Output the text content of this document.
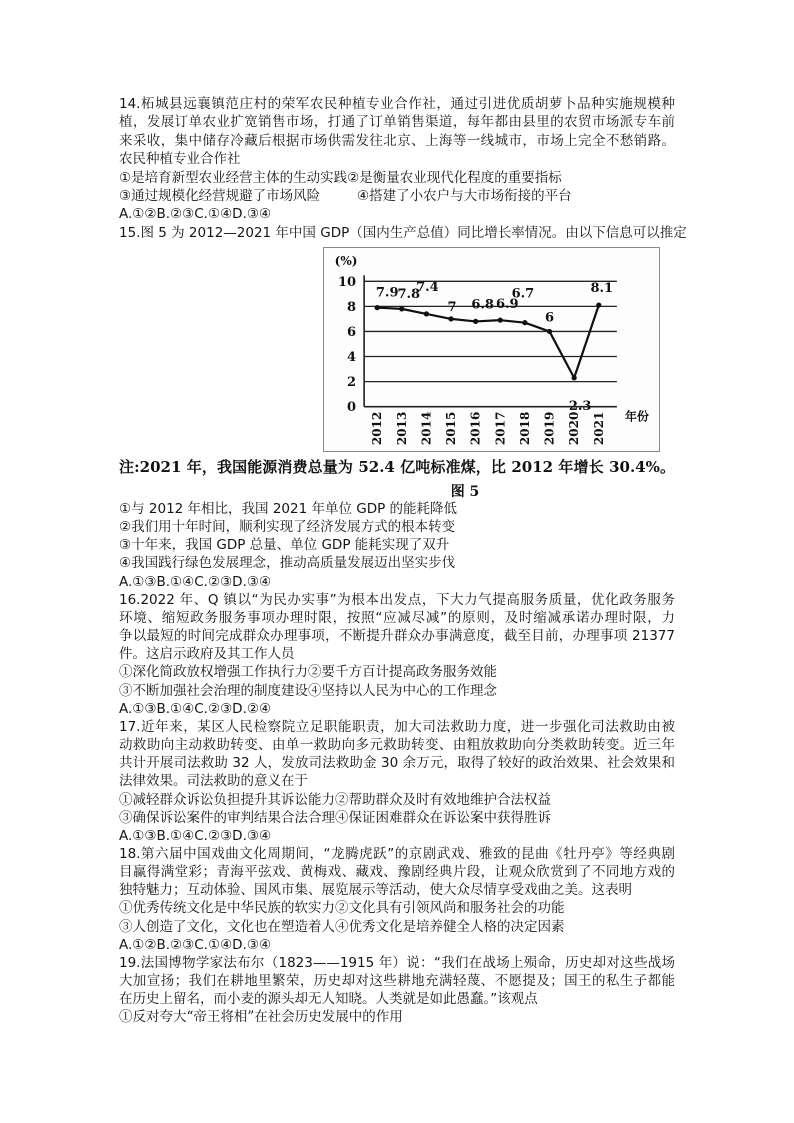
14.柘城县远襄镇范庄村的荣军农民种植专业合作社，通过引进优质胡萝卜品种实施规模种
植，发展订单农业扩宽销售市场，打通了订单销售渠道，每年都由县里的农贸市场派专车前
来采收，集中储存冷藏后根据市场供需发往北京、上海等一线城市，市场上完全不愁销路。
农民种植专业合作社
①是培育新型农业经营主体的生动实践②是衡量农业现代化程度的重要指标
③通过规模化经营规避了市场风险	④搭建了小农户与大市场衔接的平台
A.①②B.②③C.①④D.③④
15.图 5 为 2012—2021 年中国 GDP（国内生产总值）同比增长率情况。由以下信息可以推定
0
2
4
6
8
10
(%)
年份
7.9
7.8
7.4
7 6.8 6.9
6.7
6
2.3
8.1
2012 2013 2014 2015 2016 2017 2018 2019 2020 2021
注:2021 年，我国能源消费总量为 52.4 亿吨标准煤，比 2012 年增长 30.4%。
图 5
①与 2012 年相比，我国 2021 年单位 GDP 的能耗降低
②我们用十年时间，顺利实现了经济发展方式的根本转变
③十年来，我国 GDP 总量、单位 GDP 能耗实现了双升
④我国践行绿色发展理念，推动高质量发展迈出坚实步伐
A.①③B.①④C.②③D.③④
16.2022 年、Q 镇以“为民办实事”为根本出发点，下大力气提高服务质量，优化政务服务
环境、缩短政务服务事项办理时限，按照“应减尽减”的原则，及时缩减承诺办理时限，力
争以最短的时间完成群众办理事项，不断提升群众办事满意度，截至目前，办理事项 21377
件。这启示政府及其工作人员
①深化简政放权增强工作执行力②要千方百计提高政务服务效能
③不断加强社会治理的制度建设④坚持以人民为中心的工作理念
A.①③B.①④C.②③D.②④
17.近年来，某区人民检察院立足职能职责，加大司法救助力度，进一步强化司法救助由被
动救助向主动救助转变、由单一救助向多元救助转变、由粗放救助向分类救助转变。近三年
共计开展司法救助 32 人，发放司法救助金 30 余万元，取得了较好的政治效果、社会效果和
法律效果。司法救助的意义在于
①减轻群众诉讼负担提升其诉讼能力②帮助群众及时有效地维护合法权益
③确保诉讼案件的审判结果合法合理④保证困难群众在诉讼案中获得胜诉
A.①③B.①④C.②③D.③④
18.第六届中国戏曲文化周期间，“龙腾虎跃”的京剧武戏、雅致的昆曲《牡丹亭》等经典剧
目赢得满堂彩；青海平弦戏、黄梅戏、藏戏、豫剧经典片段，让观众欣赏到了不同地方戏的
独特魅力；互动体验、国风市集、展览展示等活动，使大众尽情享受戏曲之美。这表明
①优秀传统文化是中华民族的软实力②文化具有引领风尚和服务社会的功能
③人创造了文化，文化也在塑造着人④优秀文化是培养健全人格的决定因素
A.①②B.②③C.①④D.③④
19.法国博物学家法布尔（1823——1915 年）说：“我们在战场上殒命，历史却对这些战场
大加宣扬；我们在耕地里繁荣，历史却对这些耕地充满轻蔑、不愿提及；国王的私生子都能
在历史上留名，而小麦的源头却无人知晓。人类就是如此愚蠢。”该观点
①反对夸大“帝王将相”在社会历史发展中的作用
